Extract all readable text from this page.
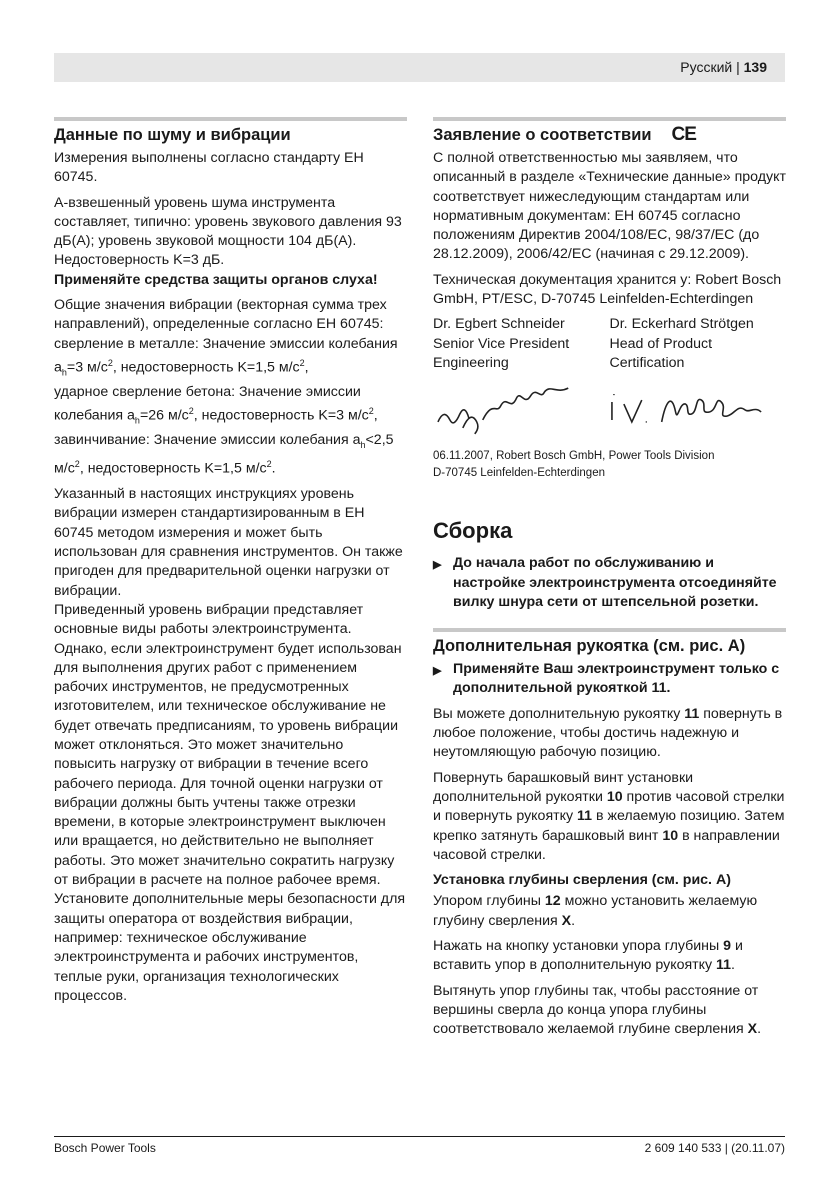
Русский | 139
Данные по шуму и вибрации

Измерения выполнены согласно стандарту ЕН 60745.

А-взвешенный уровень шума инструмента составляет, типично: уровень звукового давления 93 дБ(A); уровень звуковой мощности 104 дБ(A). Недостоверность K=3 дБ.

Применяйте средства защиты органов слуха!

Общие значения вибрации (векторная сумма трех направлений), определенные согласно ЕН 60745:

сверление в металле: Значение эмиссии колебания $a_h=3$ $м/с^2$, недостоверность K=1,5 $м/с^2$,

ударное сверление бетона: Значение эмиссии колебания $a_h=26$ $м/с^2$, недостоверность K=3 $м/с^2$,

завинчивание: Значение эмиссии колебания $a_h<2,5$ $м/с^2$, недостоверность K=1,5 $м/с^2$.

Указанный в настоящих инструкциях уровень вибрации измерен стандартизированным в ЕН 60745 методом измерения и может быть использован для сравнения инструментов. Он также пригоден для предварительной оценки нагрузки от вибрации.

Приведенный уровень вибрации представляет основные виды работы электроинструмента. Однако, если электроинструмент будет использован для выполнения других работ с применением рабочих инструментов, не предусмотренных изготовителем, или техническое обслуживание не будет отвечать предписаниям, то уровень вибрации может отклоняться. Это может значительно повысить нагрузку от вибрации в течение всего рабочего периода. Для точной оценки нагрузки от вибрации должны быть учтены также отрезки времени, в которые электроинструмент выключен или вращается, но действительно не выполняет работы. Это может значительно сократить нагрузку от вибрации в расчете на полное рабочее время.

Установите дополнительные меры безопасности для защиты оператора от воздействия вибрации, например: техническое обслуживание электроинструмента и рабочих инструментов, теплые руки, организация технологических процессов.

Заявление о соответствии CE

С полной ответственностью мы заявляем, что описанный в разделе «Технические данные» продукт соответствует нижеследующим стандартам или нормативным документам: ЕН 60745 согласно положениям Директив 2004/108/EC, 98/37/EC (до 28.12.2009), 2006/42/EC (начиная с 29.12.2009).

Техническая документация хранится у: Robert Bosch GmbH, PT/ESC, D-70745 Leinfelden-Echterdingen

Dr. Egbert Schneider
Senior Vice President
Engineering
Dr. Eckerhard Strötgen
Head of Product
Certification
06.11.2007, Robert Bosch GmbH, Power Tools Division
D-70745 Leinfelden-Echterdingen
Сборка
▶ До начала работ по обслуживанию и настройке электроинструмента отсоединяйте вилку шнура сети от штепсельной розетки.
Дополнительная рукоятка (см. рис. А)
▶ Применяйте Ваш электроинструмент только с дополнительной рукояткой 11.

Вы можете дополнительную рукоятку 11 повернуть в любое положение, чтобы достичь надежную и неутомляющую рабочую позицию.

Повернуть барашковый винт установки дополнительной рукоятки 10 против часовой стрелки и повернуть рукоятку 11 в желаемую позицию. Затем крепко затянуть барашковый винт 10 в направлении часовой стрелки.

Установка глубины сверления (см. рис. А)

Упором глубины 12 можно установить желаемую глубину сверления X.

Нажать на кнопку установки упора глубины 9 и вставить упор в дополнительную рукоятку 11.

Вытянуть упор глубины так, чтобы расстояние от вершины сверла до конца упора глубины соответствовало желаемой глубине сверления X.

Bosch Power Tools	2 609 140 533 | (20.11.07)
